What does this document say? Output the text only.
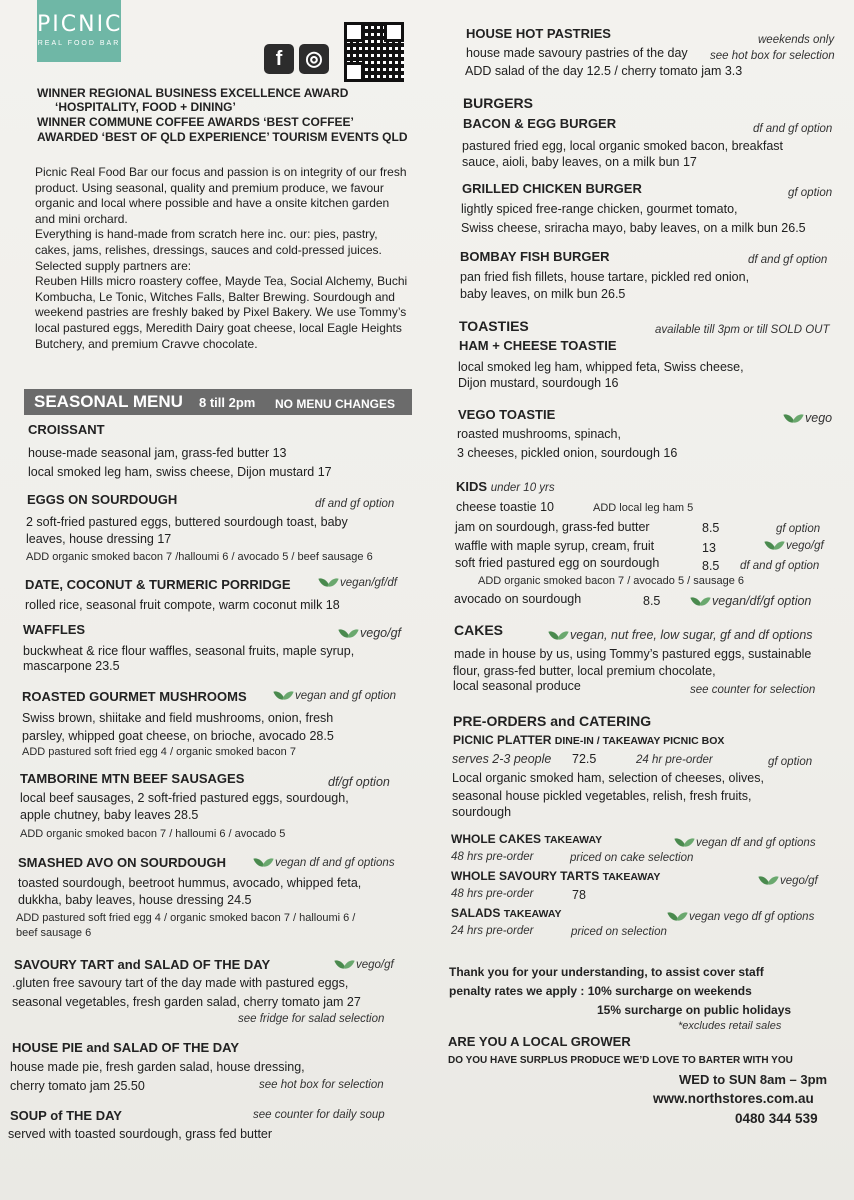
PICNIC
REAL FOOD BAR
f	◎
WINNER REGIONAL BUSINESS EXCELLENCE AWARD
‘HOSPITALITY, FOOD + DINING’
WINNER COMMUNE COFFEE AWARDS ‘BEST COFFEE’
AWARDED ‘BEST OF QLD EXPERIENCE’ TOURISM EVENTS QLD
Picnic Real Food Bar our focus and passion is on integrity of our fresh
product. Using seasonal, quality and premium produce, we favour
organic and local where possible and have a onsite kitchen garden
and mini orchard.
Everything is hand-made from scratch here inc. our: pies, pastry,
cakes, jams, relishes, dressings, sauces and cold-pressed juices.
Selected supply partners are:
Reuben Hills micro roastery coffee, Mayde Tea, Social Alchemy, Buchi
Kombucha, Le Tonic, Witches Falls, Balter Brewing. Sourdough and
weekend pastries are freshly baked by Pixel Bakery. We use Tommy’s
local pastured eggs, Meredith Dairy goat cheese, local Eagle Heights
Butchery, and premium Cravve chocolate.
SEASONAL MENU 8 till 2pm NO MENU CHANGES
CROISSANT
house-made seasonal jam, grass-fed butter 13
local smoked leg ham, swiss cheese, Dijon mustard 17
EGGS ON SOURDOUGH	df and gf option
2 soft-fried pastured eggs, buttered sourdough toast, baby
leaves, house dressing 17
ADD organic smoked bacon 7 /halloumi 6 / avocado 5 / beef sausage 6
DATE, COCONUT & TURMERIC PORRIDGE	vegan/gf/df
rolled rice, seasonal fruit compote, warm coconut milk 18
WAFFLES	vego/gf
buckwheat & rice flour waffles, seasonal fruits, maple syrup,
mascarpone 23.5
ROASTED GOURMET MUSHROOMS	vegan and gf option
Swiss brown, shiitake and field mushrooms, onion, fresh
parsley, whipped goat cheese, on brioche, avocado 28.5
ADD pastured soft fried egg 4 / organic smoked bacon 7
TAMBORINE MTN BEEF SAUSAGES	df/gf option
local beef sausages, 2 soft-fried pastured eggs, sourdough,
apple chutney, baby leaves 28.5
ADD organic smoked bacon 7 / halloumi 6 / avocado 5
SMASHED AVO ON SOURDOUGH	vegan df and gf options
toasted sourdough, beetroot hummus, avocado, whipped feta,
dukkha, baby leaves, house dressing 24.5
ADD pastured soft fried egg 4 / organic smoked bacon 7 / halloumi 6 /
beef sausage 6
SAVOURY TART and SALAD OF THE DAY	vego/gf
.gluten free savoury tart of the day made with pastured eggs,
seasonal vegetables, fresh garden salad, cherry tomato jam 27
see fridge for salad selection
HOUSE PIE and SALAD OF THE DAY
house made pie, fresh garden salad, house dressing,
cherry tomato jam 25.50	see hot box for selection
SOUP of THE DAY	see counter for daily soup
served with toasted sourdough, grass fed butter
HOUSE HOT PASTRIES	weekends only
house made savoury pastries of the day see hot box for selection
ADD salad of the day 12.5 / cherry tomato jam 3.3
BURGERS
BACON & EGG BURGER	df and gf option
pastured fried egg, local organic smoked bacon, breakfast
sauce, aioli, baby leaves, on a milk bun 17
GRILLED CHICKEN BURGER	gf option
lightly spiced free-range chicken, gourmet tomato,
Swiss cheese, sriracha mayo, baby leaves, on a milk bun 26.5
BOMBAY FISH BURGER	df and gf option
pan fried fish fillets, house tartare, pickled red onion,
baby leaves, on milk bun 26.5
TOASTIES	available till 3pm or till SOLD OUT
HAM + CHEESE TOASTIE
local smoked leg ham, whipped feta, Swiss cheese,
Dijon mustard, sourdough 16
VEGO TOASTIE	vego
roasted mushrooms, spinach,
3 cheeses, pickled onion, sourdough 16
KIDS under 10 yrs
cheese toastie 10	ADD local leg ham 5
jam on sourdough, grass-fed butter	8.5	gf option
waffle with maple syrup, cream, fruit	13	vego/gf
soft fried pastured egg on sourdough	8.5 df and gf option
ADD organic smoked bacon 7 / avocado 5 / sausage 6
avocado on sourdough	8.5	vegan/df/gf option
CAKES	vegan, nut free, low sugar, gf and df options
made in house by us, using Tommy’s pastured eggs, sustainable
flour, grass-fed butter, local premium chocolate,
local seasonal produce	see counter for selection
PRE-ORDERS and CATERING
PICNIC PLATTER DINE-IN / TAKEAWAY PICNIC BOX
serves 2-3 people 72.5	24 hr pre-order	gf option
Local organic smoked ham, selection of cheeses, olives,
seasonal house pickled vegetables, relish, fresh fruits,
sourdough
WHOLE CAKES TAKEAWAY	vegan df and gf options
48 hrs pre-order	priced on cake selection
WHOLE SAVOURY TARTS TAKEAWAY	vego/gf
48 hrs pre-order	78
SALADS TAKEAWAY	vegan vego df gf options
24 hrs pre-order	priced on selection
Thank you for your understanding, to assist cover staff
penalty rates we apply : 10% surcharge on weekends
15% surcharge on public holidays
*excludes retail sales
ARE YOU A LOCAL GROWER
DO YOU HAVE SURPLUS PRODUCE WE’D LOVE TO BARTER WITH YOU
WED to SUN 8am – 3pm
www.northstores.com.au
0480 344 539
